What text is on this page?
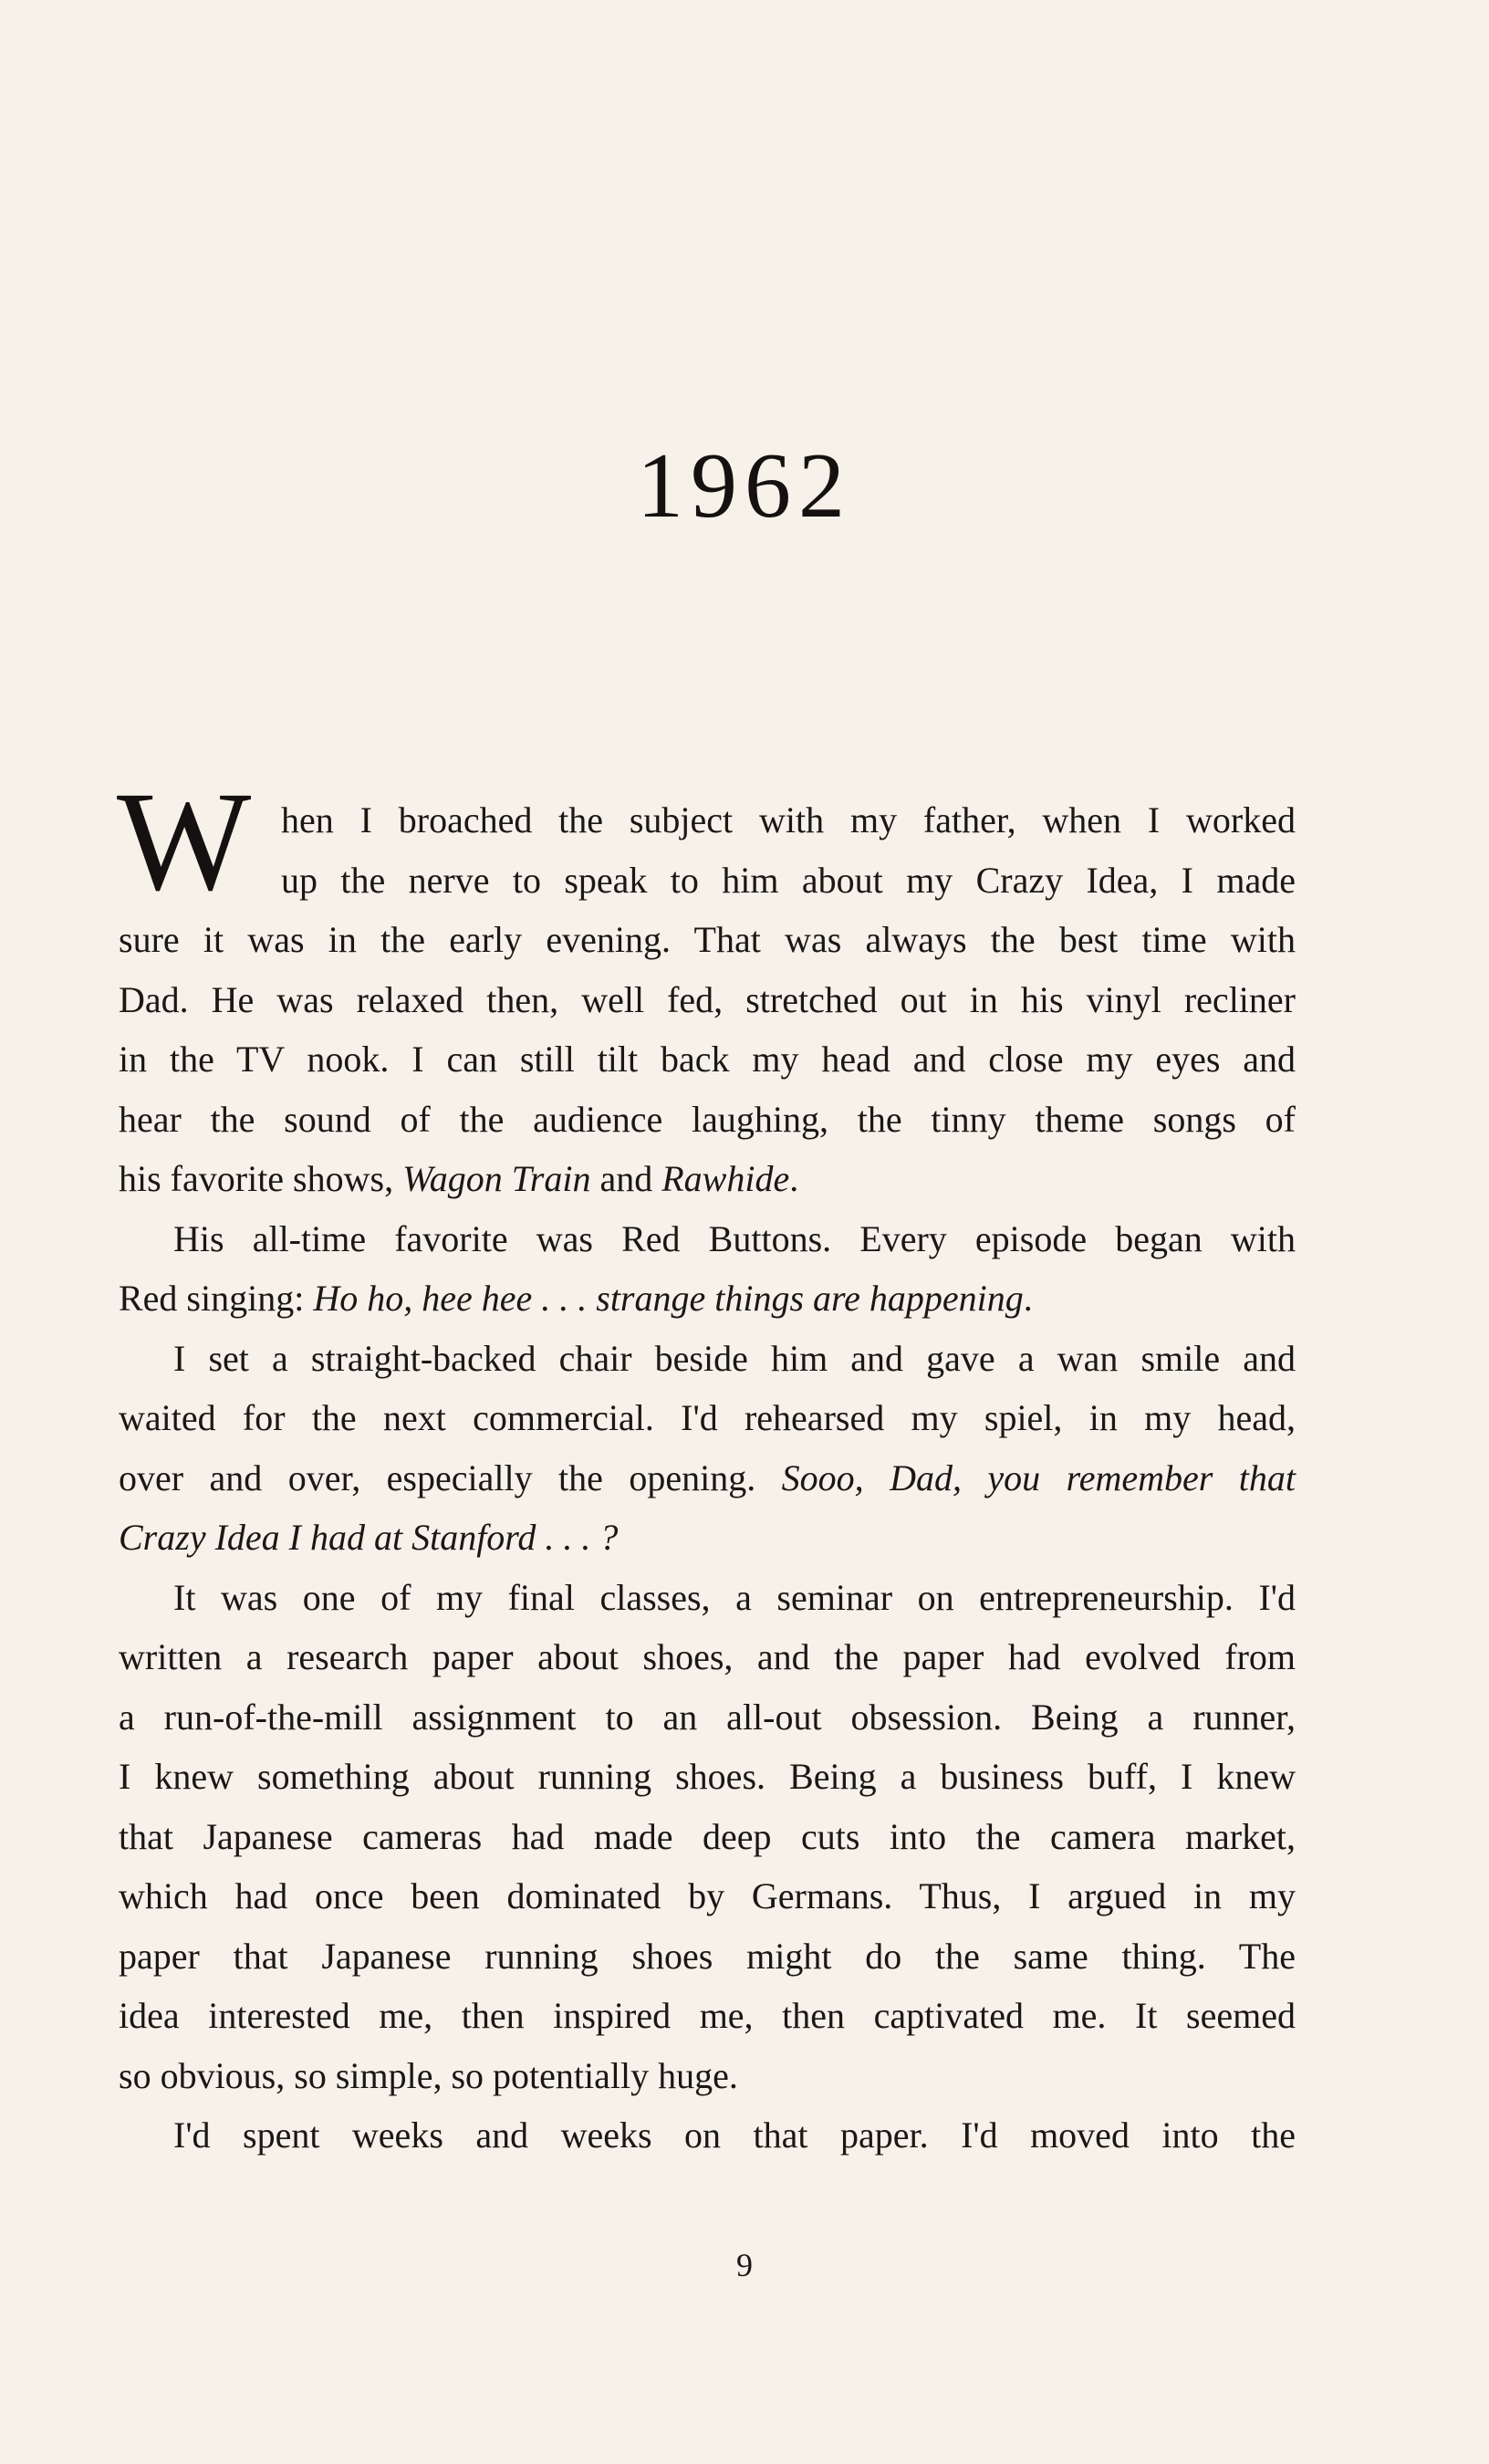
1962
W hen I broached the subject with my father, when I worked

up the nerve to speak to him about my Crazy Idea, I made

sure it was in the early evening. That was always the best time with

Dad. He was relaxed then, well fed, stretched out in his vinyl recliner

in the TV nook. I can still tilt back my head and close my eyes and

hear the sound of the audience laughing, the tinny theme songs of

his favorite shows, Wagon Train and Rawhide.

His all-time favorite was Red Buttons. Every episode began with

Red singing: Ho ho, hee hee . . . strange things are happening.

I set a straight-backed chair beside him and gave a wan smile and

waited for the next commercial. I'd rehearsed my spiel, in my head,

over and over, especially the opening. Sooo, Dad, you remember that

Crazy Idea I had at Stanford . . . ?

It was one of my final classes, a seminar on entrepreneurship. I'd

written a research paper about shoes, and the paper had evolved from

a run-of-the-mill assignment to an all-out obsession. Being a runner,

I knew something about running shoes. Being a business buff, I knew

that Japanese cameras had made deep cuts into the camera market,

which had once been dominated by Germans. Thus, I argued in my

paper that Japanese running shoes might do the same thing. The

idea interested me, then inspired me, then captivated me. It seemed

so obvious, so simple, so potentially huge.

I'd spent weeks and weeks on that paper. I'd moved into the

9
